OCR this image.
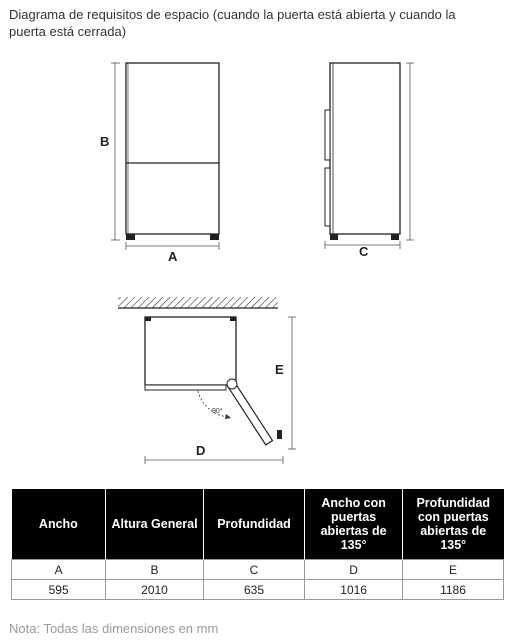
Diagrama de requisitos de espacio (cuando la puerta está abierta y cuando la puerta está cerrada)
B
A	C
90°
E
D
Ancho	Altura General	Profundidad	Ancho con puertas abiertas de 135°	Profundidad con puertas abiertas de 135°
A	B	C	D	E
595	2010	635	1016	1186
Nota: Todas las dimensiones en mm
